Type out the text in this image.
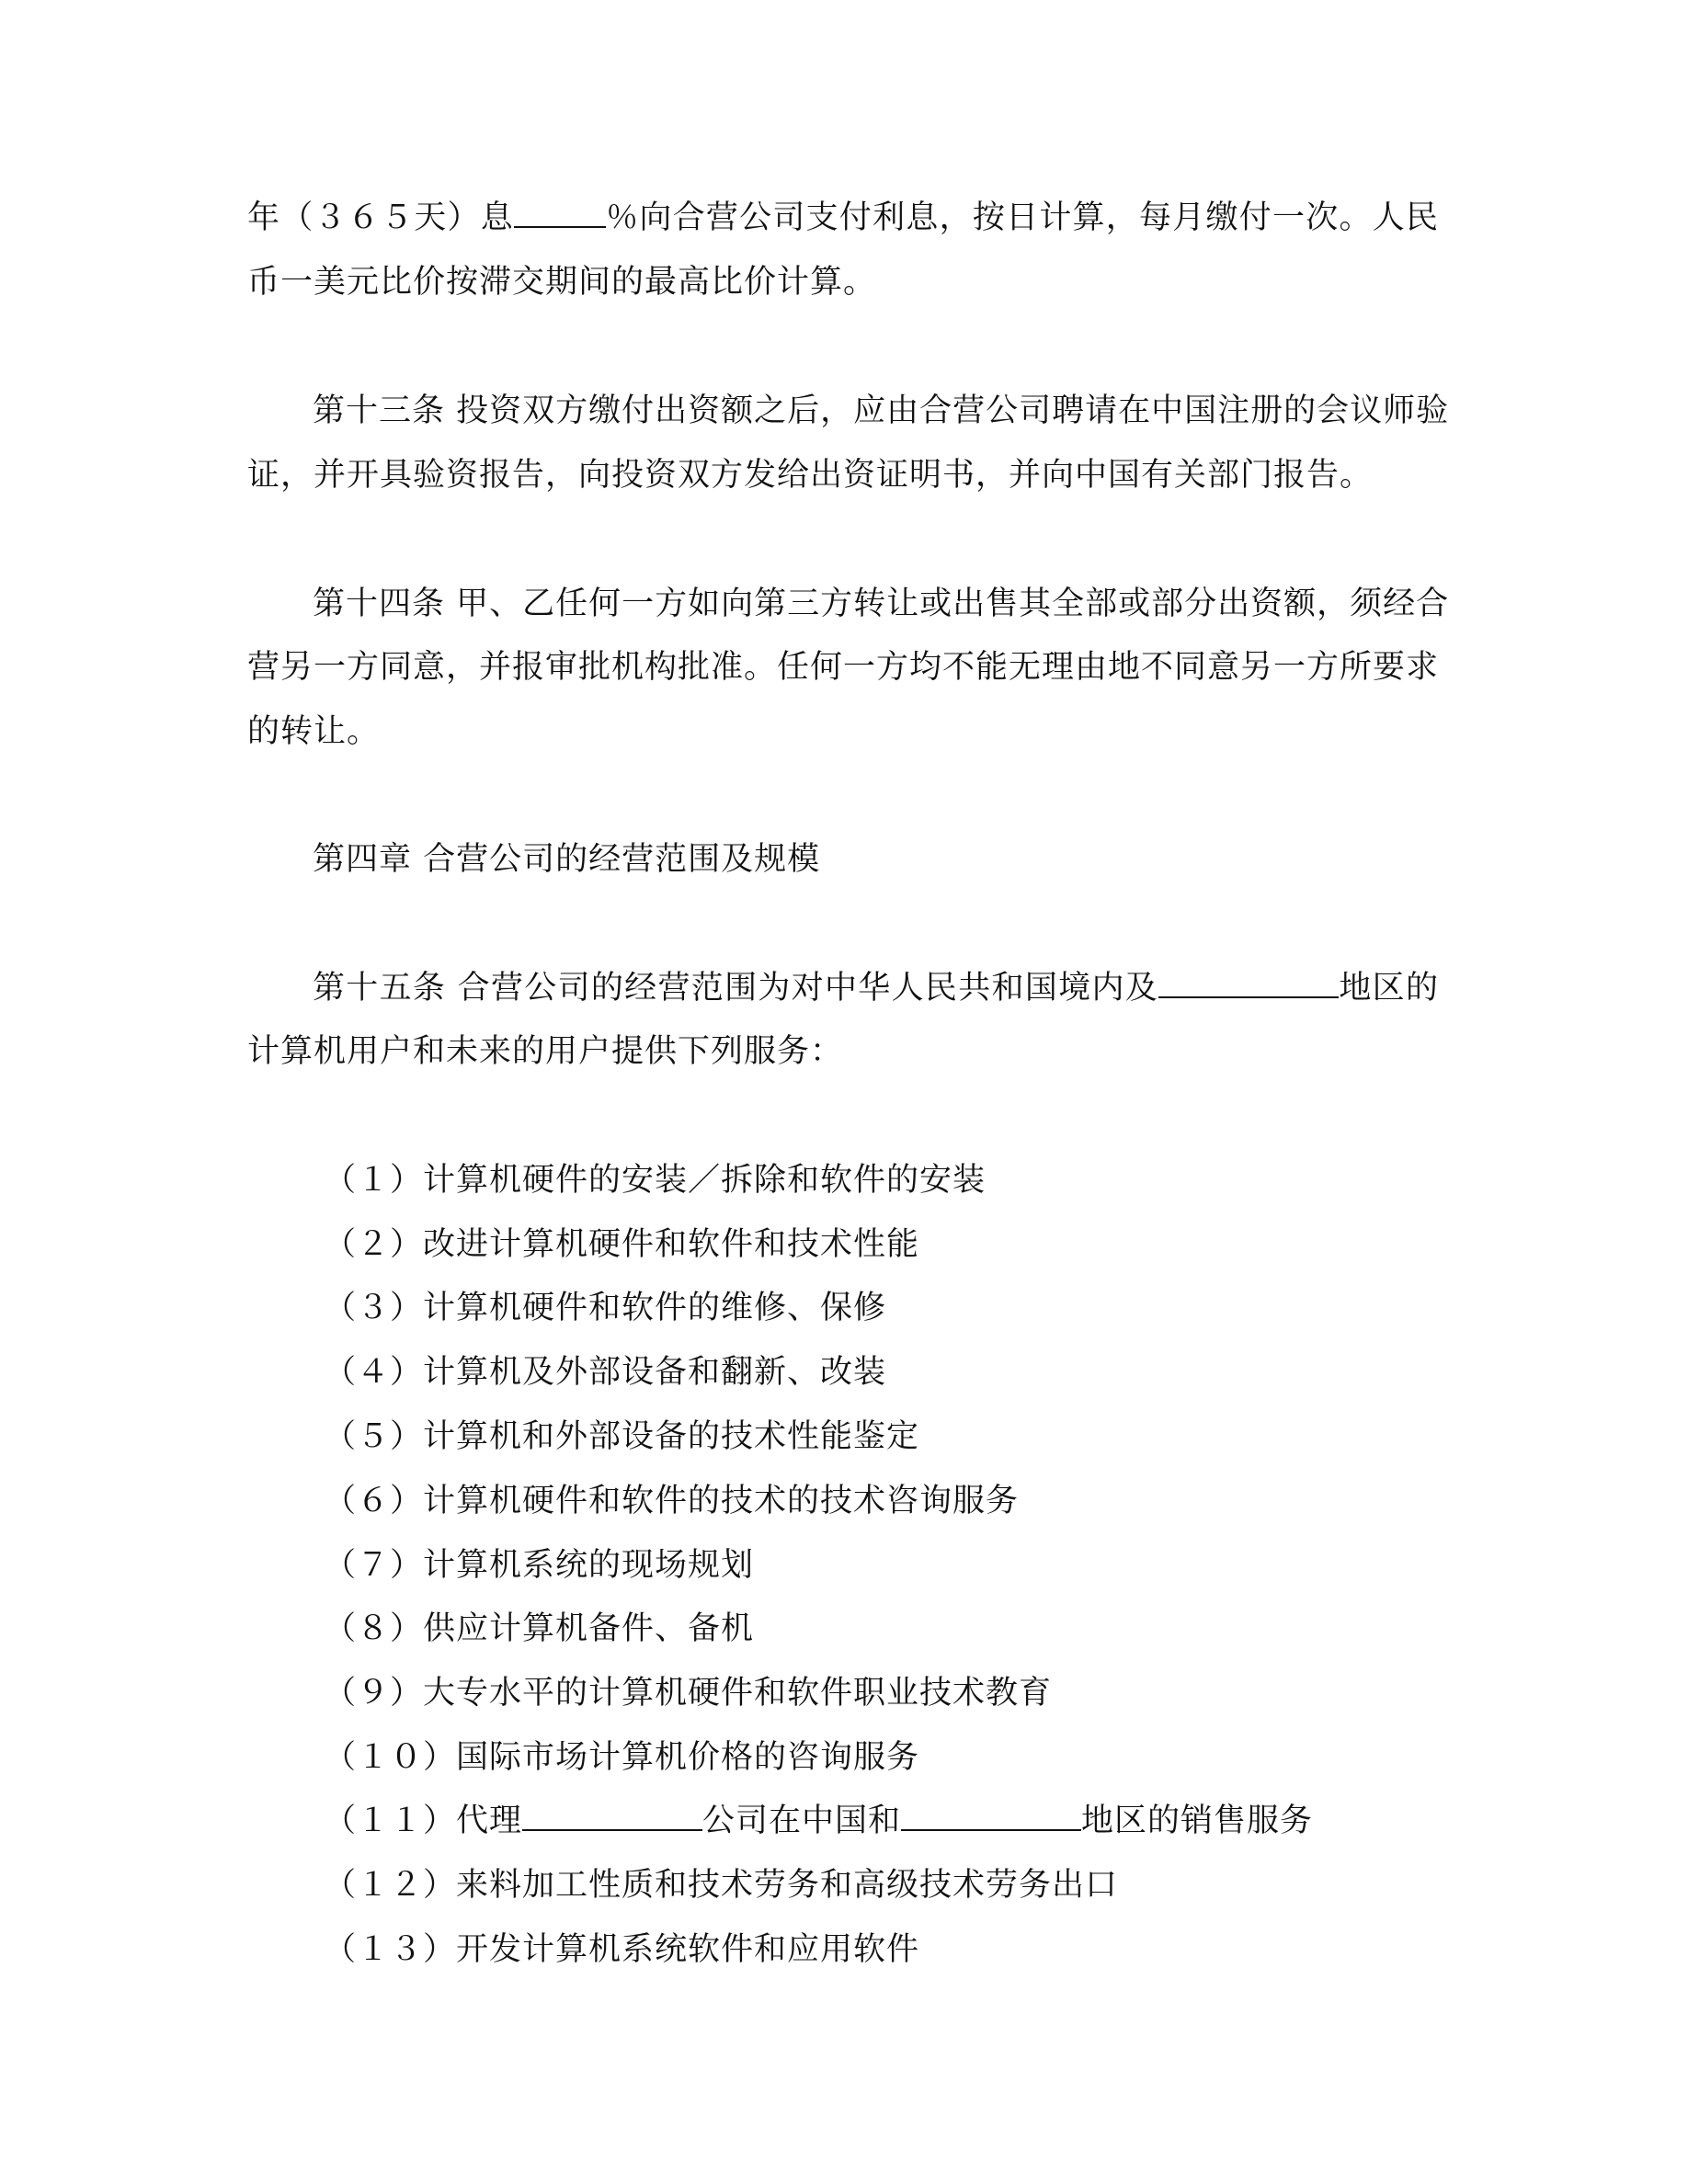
年（３６５天）息	％向合营公司支付利息，按日计算，每月缴付一次。人民
币一美元比价按滞交期间的最高比价计算。
第十三条 投资双方缴付出资额之后，应由合营公司聘请在中国注册的会议师验
证，并开具验资报告，向投资双方发给出资证明书，并向中国有关部门报告。
第十四条 甲、乙任何一方如向第三方转让或出售其全部或部分出资额，须经合
营另一方同意，并报审批机构批准。任何一方均不能无理由地不同意另一方所要求
的转让。
第四章 合营公司的经营范围及规模
第十五条 合营公司的经营范围为对中华人民共和国境内及	地区的
计算机用户和未来的用户提供下列服务：
（１）计算机硬件的安装／拆除和软件的安装
（２）改进计算机硬件和软件和技术性能
（３）计算机硬件和软件的维修、保修
（４）计算机及外部设备和翻新、改装
（５）计算机和外部设备的技术性能鉴定
（６）计算机硬件和软件的技术的技术咨询服务
（７）计算机系统的现场规划
（８）供应计算机备件、备机
（９）大专水平的计算机硬件和软件职业技术教育
（１０）国际市场计算机价格的咨询服务
（１１）代理	公司在中国和	地区的销售服务
（１２）来料加工性质和技术劳务和高级技术劳务出口
（１３）开发计算机系统软件和应用软件
